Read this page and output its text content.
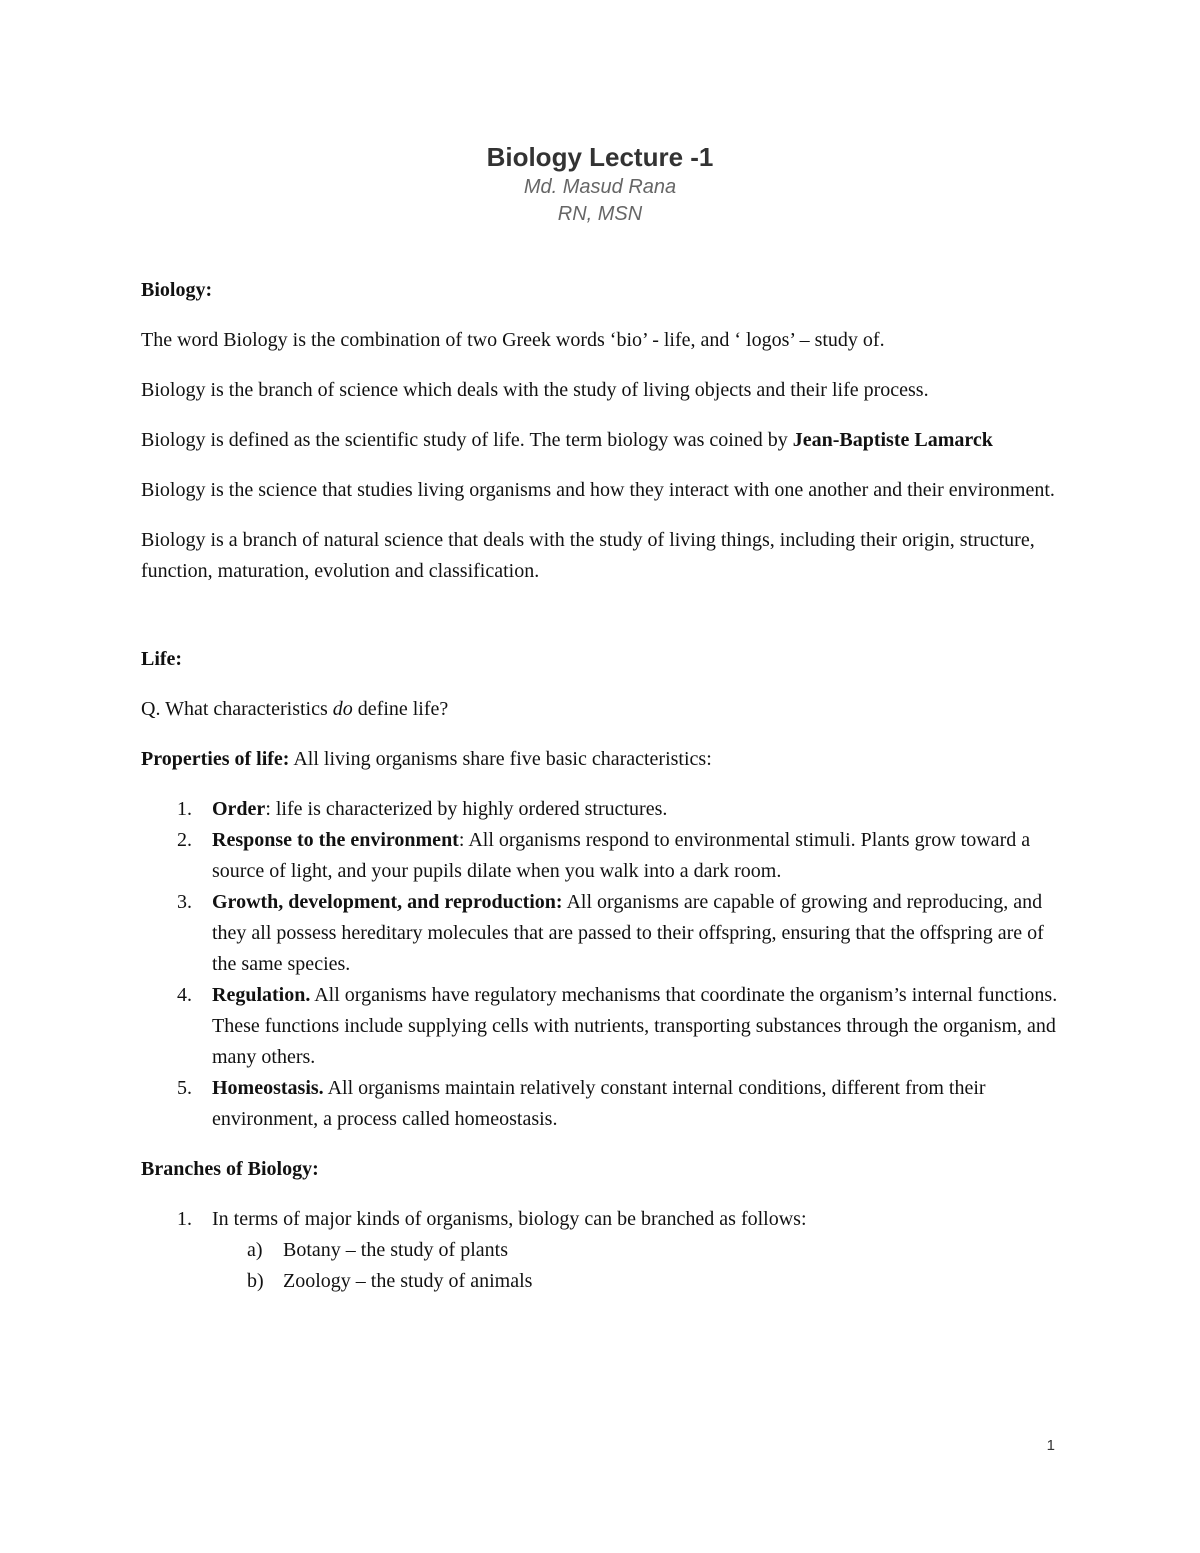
Biology Lecture -1
Md. Masud Rana
RN, MSN
Biology:

The word Biology is the combination of two Greek words ‘bio’ - life, and ‘ logos’ – study of.

Biology is the branch of science which deals with the study of living objects and their life process.

Biology is defined as the scientific study of life. The term biology was coined by Jean-Baptiste Lamarck

Biology is the science that studies living organisms and how they interact with one another and their environment.

Biology is a branch of natural science that deals with the study of living things, including their origin, structure, function, maturation, evolution and classification.

Life:

Q. What characteristics do define life?

Properties of life: All living organisms share five basic characteristics:

1. Order: life is characterized by highly ordered structures.
2. Response to the environment: All organisms respond to environmental stimuli. Plants grow toward a source of light, and your pupils dilate when you walk into a dark room.
3. Growth, development, and reproduction: All organisms are capable of growing and reproducing, and they all possess hereditary molecules that are passed to their offspring, ensuring that the offspring are of the same species.
4. Regulation. All organisms have regulatory mechanisms that coordinate the organism’s internal functions. These functions include supplying cells with nutrients, transporting substances through the organism, and many others.
5. Homeostasis. All organisms maintain relatively constant internal conditions, different from their environment, a process called homeostasis.
Branches of Biology:
1. In terms of major kinds of organisms, biology can be branched as follows:
a) Botany – the study of plants
b) Zoology – the study of animals
1
